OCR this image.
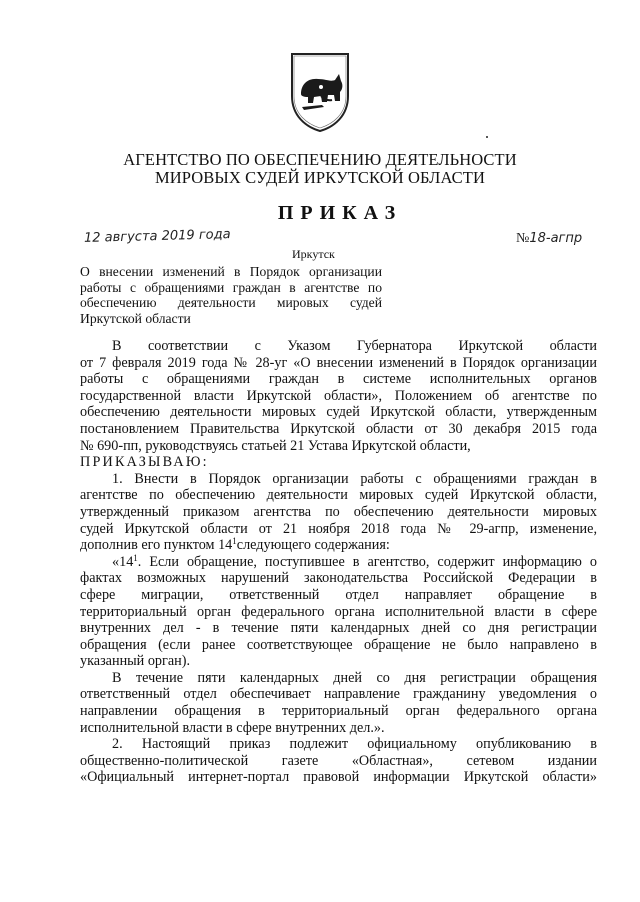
АГЕНТСТВО ПО ОБЕСПЕЧЕНИЮ ДЕЯТЕЛЬНОСТИ
МИРОВЫХ СУДЕЙ ИРКУТСКОЙ ОБЛАСТИ
ПРИКАЗ
12 августа 2019 года	№18-агпр
Иркутск
О внесении изменений в Порядок организации
работы с обращениями граждан в агентстве по
обеспечению деятельности мировых судей
Иркутской области
В соответствии с Указом Губернатора Иркутской области
от 7 февраля 2019 года № 28-уг «О внесении изменений в Порядок организации
работы с обращениями граждан в системе исполнительных органов
государственной власти Иркутской области», Положением об агентстве по
обеспечению деятельности мировых судей Иркутской области, утвержденным
постановлением Правительства Иркутской области от 30 декабря 2015 года
№ 690-пп, руководствуясь статьей 21 Устава Иркутской области,
ПРИКАЗЫВАЮ:
1. Внести в Порядок организации работы с обращениями граждан в
агентстве по обеспечению деятельности мировых судей Иркутской области,
утвержденный приказом агентства по обеспечению деятельности мировых
судей Иркутской области от 21 ноября 2018 года № 29-агпр, изменение,
дополнив его пунктом $14^1следующего$ содержания:
«$14^1$. Если обращение, поступившее в агентство, содержит информацию о
фактах возможных нарушений законодательства Российской Федерации в
сфере миграции, ответственный отдел направляет обращение в
территориальный орган федерального органа исполнительной власти в сфере
внутренних дел - в течение пяти календарных дней со дня регистрации
обращения (если ранее соответствующее обращение не было направлено в
указанный орган).
В течение пяти календарных дней со дня регистрации обращения
ответственный отдел обеспечивает направление гражданину уведомления о
направлении обращения в территориальный орган федерального органа
исполнительной власти в сфере внутренних дел.».
2. Настоящий приказ подлежит официальному опубликованию в
общественно-политической газете «Областная», сетевом издании
«Официальный интернет-портал правовой информации Иркутской области»
